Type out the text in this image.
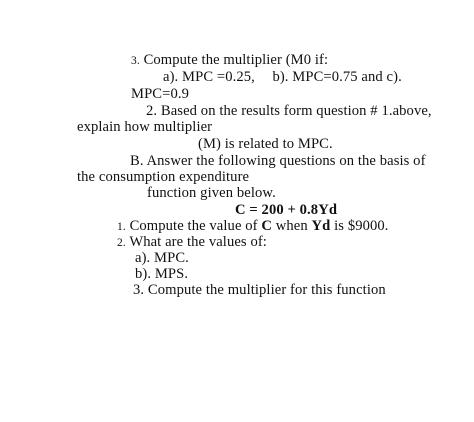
3. Compute the multiplier (M0 if:
a). MPC =0.25, b). MPC=0.75 and c).
MPC=0.9
2. Based on the results form question # 1.above,
explain how multiplier
(M) is related to MPC.
B. Answer the following questions on the basis of
the consumption expenditure
function given below.
C = 200 + 0.8Yd
1. Compute the value of C when Yd is $9000.
2. What are the values of:
a). MPC.
b). MPS.
3. Compute the multiplier for this function
